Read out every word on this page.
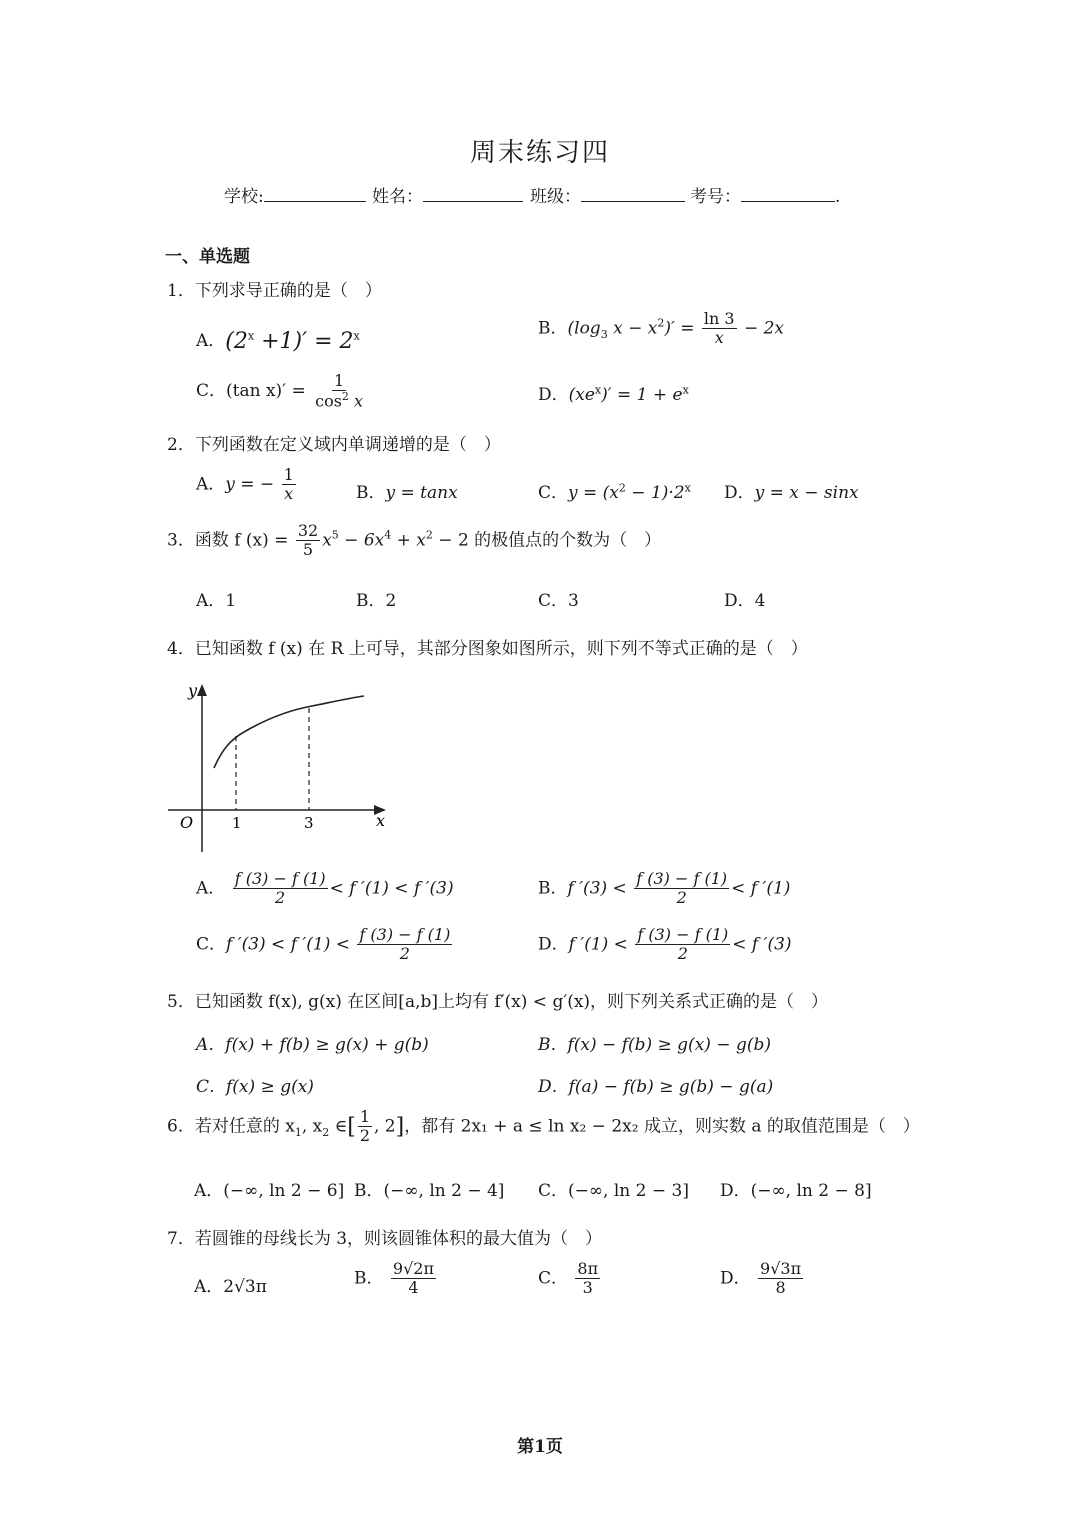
周末练习四
学校:	姓名：	班级：	考号：	.
一、单选题
1．下列求导正确的是（　）
A．$(2^x +1)' = 2^x$	B．($\log_3$ $x - x^2)' = \frac{\ln 3}{x} - 2x$
C．(tan $x)' = \frac{1}{\cos^2 x}$	D．$(xe^x)' = 1 + e^x$
2．下列函数在定义域内单调递增的是（　）
A．y = − $\frac{1}{x}$	B．y = tanx	C．$y = (x^2 - 1)\cdot 2^x$ D．y = x − sinx
3．函数 f $(x) = \frac{32}{5} x^5 - 6x^4 + x^2 - 2$ 的极值点的个数为（　）
A．1	B．2	C．3	D．4
4．已知函数 f (x) 在 R 上可导，其部分图象如图所示，则下列不等式正确的是（　）
y
x
O	1	3
A． $\frac{f (3) - f (1)}{2} < f$ ′(1) < f ′(3)	B．f $'(3) < \frac{f (3) - f (1)}{2} < f$ ′(1)
C．f ′(3) < f $'(1) < \frac{f (3) - f (1)}{2}$	D．f $'(1) < \frac{f (3) - f (1)}{2} < f$ ′(3)
5．已知函数 f(x), g(x) 在区间[a,b]上均有 f′(x) < g′(x)，则下列关系式正确的是（　）
A．f(x) + f(b) ≥ g(x) + g(b)	B．f(x) − f(b) ≥ g(x) − g(b)
C．f(x) ≥ g(x)	D．f(a) − f(b) ≥ g(b) − g(a)
6．若对任意的 $x_1$, $x_2$ ∈[ $\frac{1}{2}$ , 2]，都有 2x₁ + a ≤ ln x₂ − 2x₂ 成立，则实数 a 的取值范围是（　）
A．(−∞, ln 2 − 6] B．(−∞, ln 2 − 4] C．(−∞, ln 2 − 3] D．(−∞, ln 2 − 8]
7．若圆锥的母线长为 3，则该圆锥体积的最大值为（　）
A．2√3π	B． $\frac{9√2\pi}{4}$	C． $\frac{8\pi}{3}$	D． $\frac{9√3\pi}{8}$
第1页
